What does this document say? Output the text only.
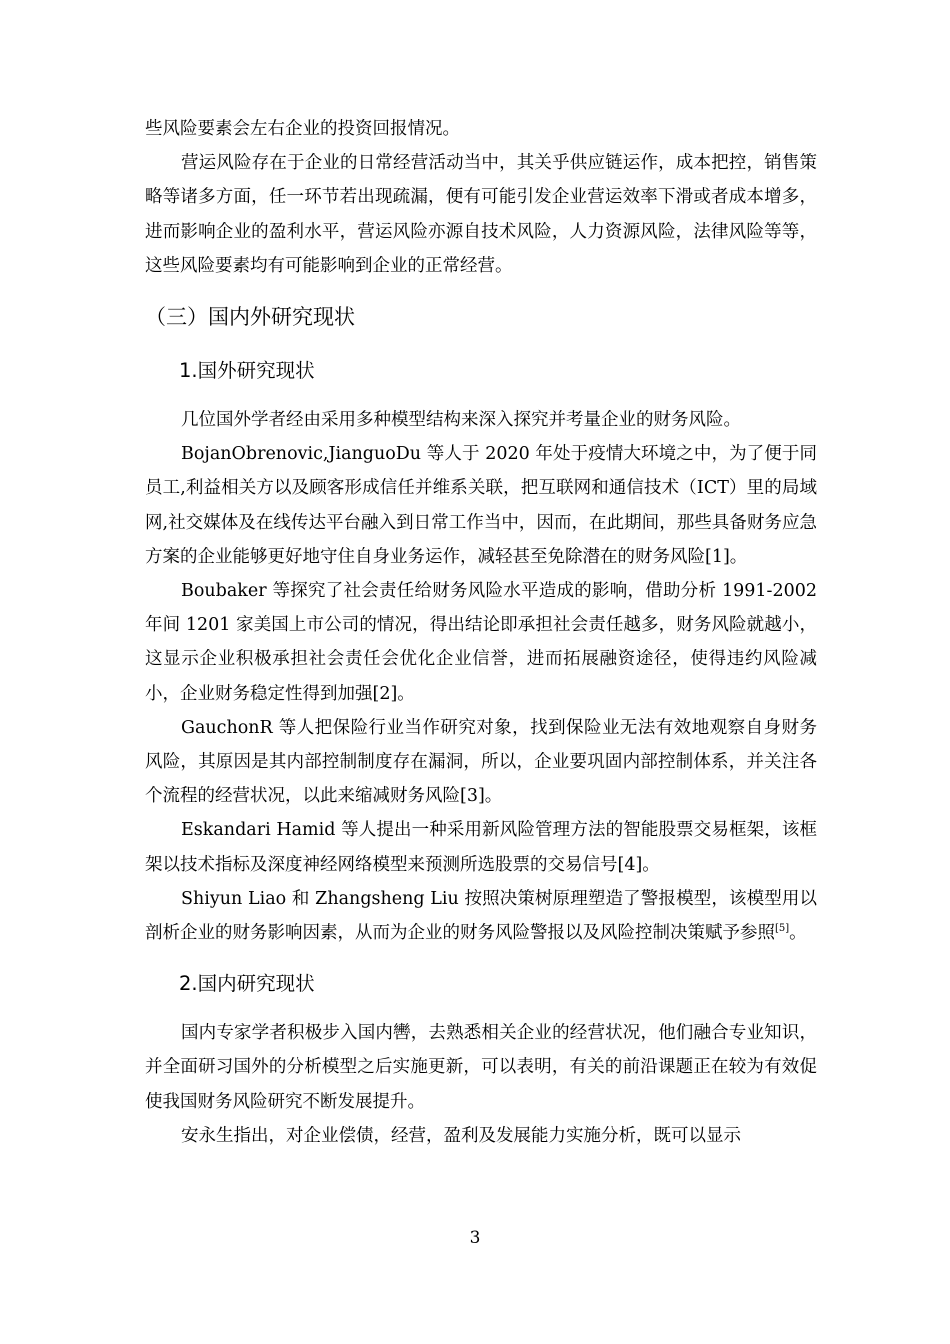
些风险要素会左右企业的投资回报情况。

营运风险存在于企业的日常经营活动当中，其关乎供应链运作，成本把控，销售策略等诸多方面，任一环节若出现疏漏，便有可能引发企业营运效率下滑或者成本增多，进而影响企业的盈利水平，营运风险亦源自技术风险，人力资源风险，法律风险等等，这些风险要素均有可能影响到企业的正常经营。

（三）国内外研究现状
1.国外研究现状

几位国外学者经由采用多种模型结构来深入探究并考量企业的财务风险。

BojanObrenovic,JianguoDu 等人于 2020 年处于疫情大环境之中，为了便于同员工,利益相关方以及顾客形成信任并维系关联，把互联网和通信技术（ICT）里的局域网,社交媒体及在线传达平台融入到日常工作当中，因而，在此期间，那些具备财务应急方案的企业能够更好地守住自身业务运作，减轻甚至免除潜在的财务风险[1]。

Boubaker 等探究了社会责任给财务风险水平造成的影响，借助分析 1991-2002 年间 1201 家美国上市公司的情况，得出结论即承担社会责任越多，财务风险就越小，这显示企业积极承担社会责任会优化企业信誉，进而拓展融资途径，使得违约风险减小，企业财务稳定性得到加强[2]。

GauchonR 等人把保险行业当作研究对象，找到保险业无法有效地观察自身财务风险，其原因是其内部控制制度存在漏洞，所以，企业要巩固内部控制体系，并关注各个流程的经营状况，以此来缩减财务风险[3]。

Eskandari Hamid 等人提出一种采用新风险管理方法的智能股票交易框架，该框架以技术指标及深度神经网络模型来预测所选股票的交易信号[4]。

Shiyun Liao 和 Zhangsheng Liu 按照决策树原理塑造了警报模型，该模型用以剖析企业的财务影响因素，从而为企业的财务风险警报以及风险控制决策赋予参照[5]。

2.国内研究现状

国内专家学者积极步入国内轡，去熟悉相关企业的经营状况，他们融合专业知识，并全面研习国外的分析模型之后实施更新，可以表明，有关的前沿课题正在较为有效促使我国财务风险研究不断发展提升。

安永生指出，对企业偿债，经营，盈利及发展能力实施分析，既可以显示

3
